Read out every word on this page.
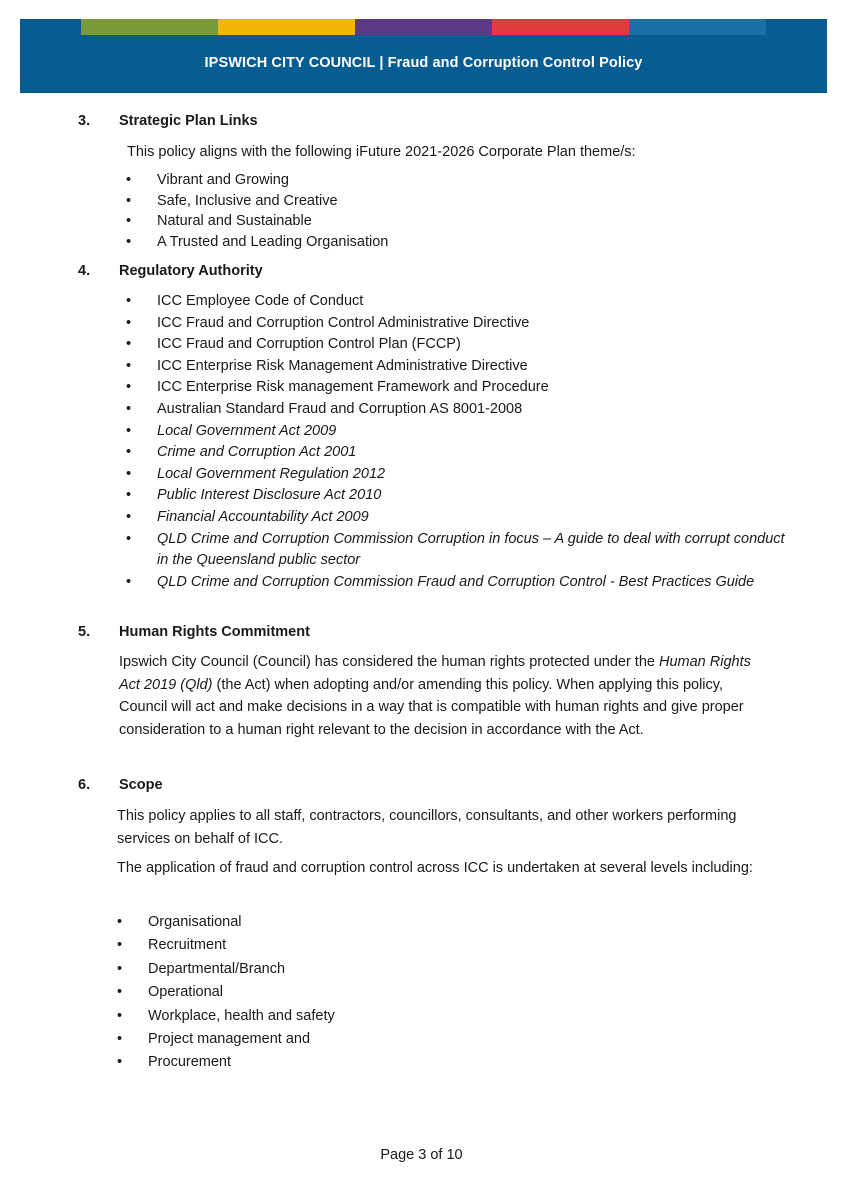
IPSWICH CITY COUNCIL | Fraud and Corruption Control Policy
3. Strategic Plan Links
This policy aligns with the following iFuture 2021-2026 Corporate Plan theme/s:
• Vibrant and Growing
• Safe, Inclusive and Creative
• Natural and Sustainable
• A Trusted and Leading Organisation
4. Regulatory Authority
• ICC Employee Code of Conduct
• ICC Fraud and Corruption Control Administrative Directive
• ICC Fraud and Corruption Control Plan (FCCP)
• ICC Enterprise Risk Management Administrative Directive
• ICC Enterprise Risk management Framework and Procedure
• Australian Standard Fraud and Corruption AS 8001-2008
• Local Government Act 2009
• Crime and Corruption Act 2001
• Local Government Regulation 2012
• Public Interest Disclosure Act 2010
• Financial Accountability Act 2009
• QLD Crime and Corruption Commission Corruption in focus – A guide to deal with corrupt conduct in the Queensland public sector
• QLD Crime and Corruption Commission Fraud and Corruption Control - Best Practices Guide
5. Human Rights Commitment
Ipswich City Council (Council) has considered the human rights protected under the Human Rights Act 2019 (Qld) (the Act) when adopting and/or amending this policy. When applying this policy, Council will act and make decisions in a way that is compatible with human rights and give proper consideration to a human right relevant to the decision in accordance with the Act.
6. Scope
This policy applies to all staff, contractors, councillors, consultants, and other workers performing services on behalf of ICC.
The application of fraud and corruption control across ICC is undertaken at several levels including:
• Organisational
• Recruitment
• Departmental/Branch
• Operational
• Workplace, health and safety
• Project management and
• Procurement
Page 3 of 10
